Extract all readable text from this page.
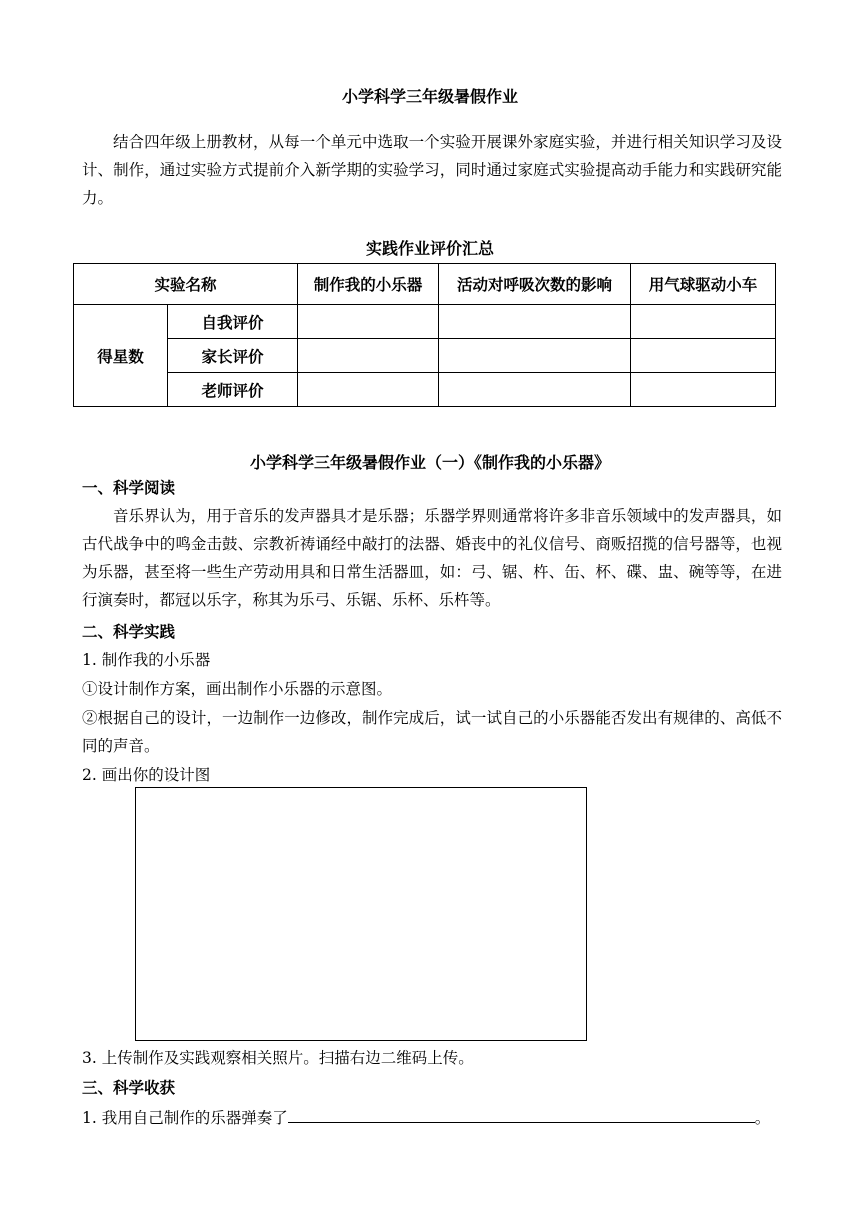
小学科学三年级暑假作业
结合四年级上册教材，从每一个单元中选取一个实验开展课外家庭实验，并进行相关知识学习及设计、制作，通过实验方式提前介入新学期的实验学习，同时通过家庭式实验提高动手能力和实践研究能力。
实践作业评价汇总
实验名称		制作我的小乐器	活动对呼吸次数的影响	用气球驱动小车
得星数	自我评价			
	家长评价			
	老师评价			
小学科学三年级暑假作业（一）《制作我的小乐器》
一、科学阅读
音乐界认为，用于音乐的发声器具才是乐器；乐器学界则通常将许多非音乐领域中的发声器具，如古代战争中的鸣金击鼓、宗教祈祷诵经中敲打的法器、婚丧中的礼仪信号、商贩招揽的信号器等，也视为乐器，甚至将一些生产劳动用具和日常生活器皿，如：弓、锯、杵、缶、杯、碟、盅、碗等等，在进行演奏时，都冠以乐字，称其为乐弓、乐锯、乐杯、乐杵等。
二、科学实践
1. 制作我的小乐器
①设计制作方案，画出制作小乐器的示意图。
②根据自己的设计，一边制作一边修改，制作完成后，试一试自己的小乐器能否发出有规律的、高低不同的声音。
2. 画出你的设计图
3. 上传制作及实践观察相关照片。扫描右边二维码上传。
三、科学收获
1. 我用自己制作的乐器弹奏了	。
